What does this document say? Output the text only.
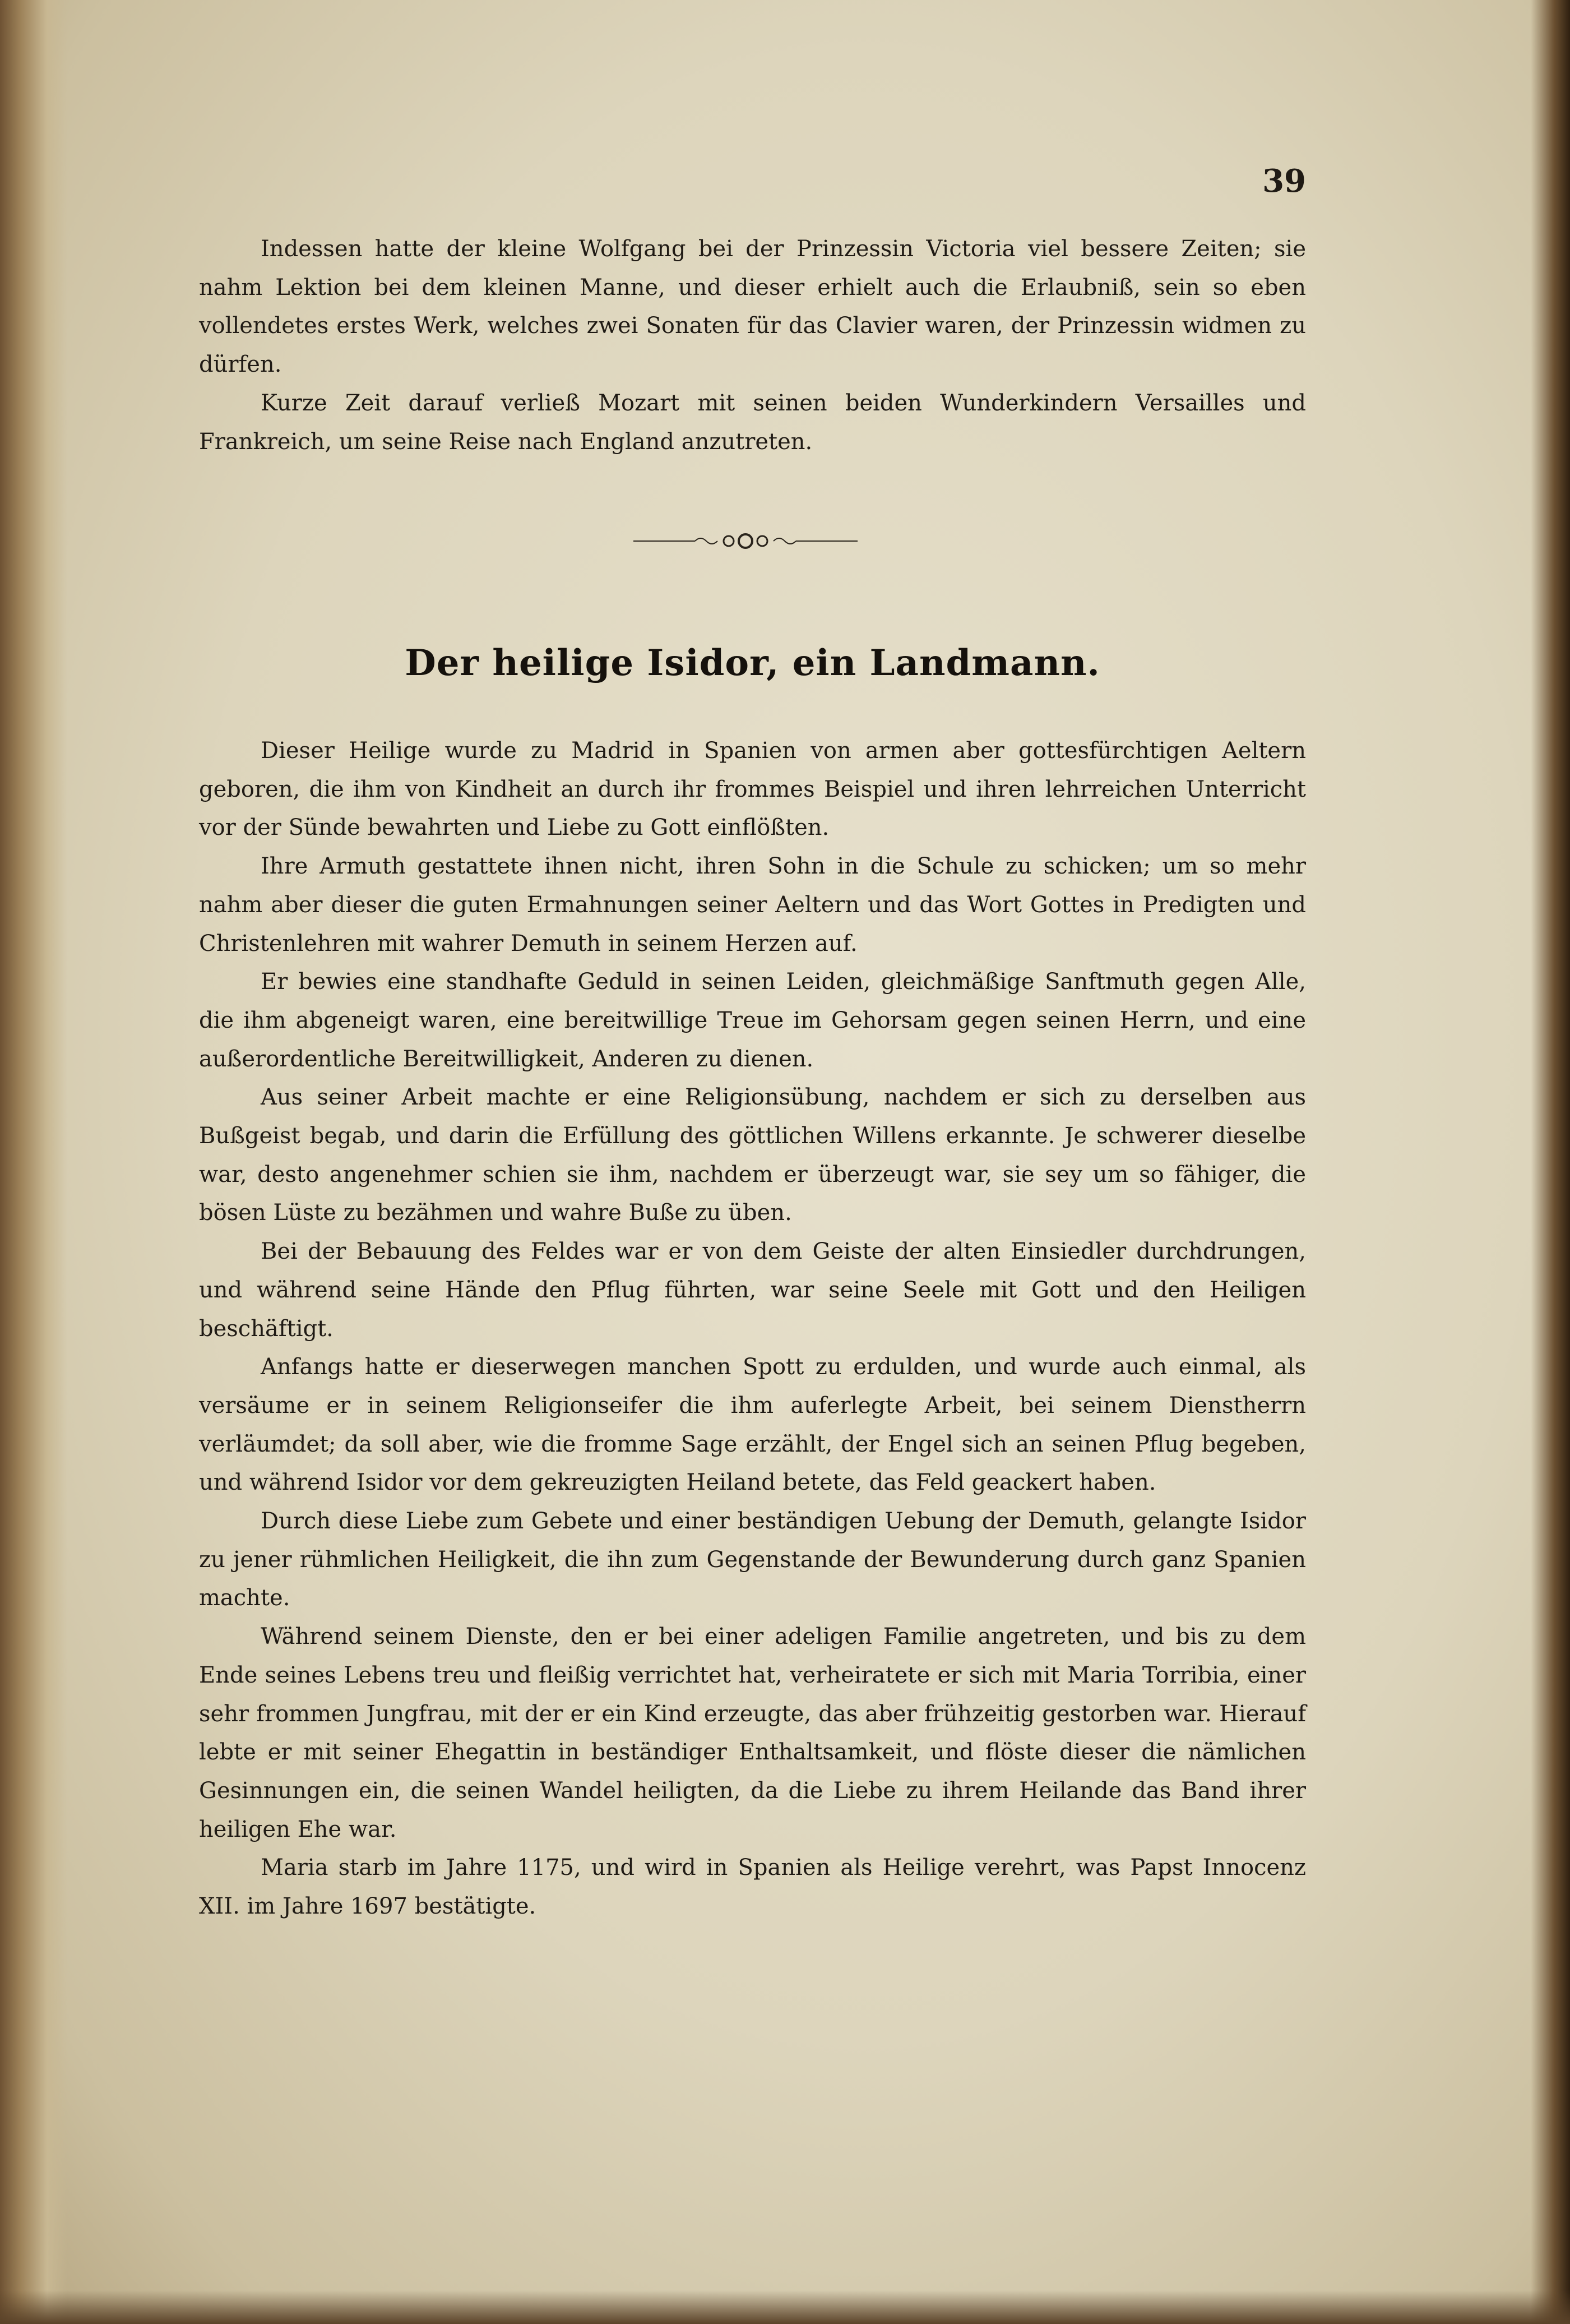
39

Indessen hatte der kleine Wolfgang bei der Prinzessin Victoria viel bessere Zeiten; sie nahm Lektion bei dem kleinen Manne, und dieser erhielt auch die Erlaubniß, sein so eben vollendetes erstes Werk, welches zwei Sonaten für das Clavier waren, der Prinzessin widmen zu dürfen.

Kurze Zeit darauf verließ Mozart mit seinen beiden Wunderkindern Versailles und Frankreich, um seine Reise nach England anzutreten.

Der heilige Isidor, ein Landmann.

Dieser Heilige wurde zu Madrid in Spanien von armen aber gottesfürchtigen Aeltern geboren, die ihm von Kindheit an durch ihr frommes Beispiel und ihren lehrreichen Unterricht vor der Sünde bewahrten und Liebe zu Gott einflößten.

Ihre Armuth gestattete ihnen nicht, ihren Sohn in die Schule zu schicken; um so mehr nahm aber dieser die guten Ermahnungen seiner Aeltern und das Wort Gottes in Predigten und Christenlehren mit wahrer Demuth in seinem Herzen auf.

Er bewies eine standhafte Geduld in seinen Leiden, gleichmäßige Sanftmuth gegen Alle, die ihm abgeneigt waren, eine bereitwillige Treue im Gehorsam gegen seinen Herrn, und eine außerordentliche Bereitwilligkeit, Anderen zu dienen.

Aus seiner Arbeit machte er eine Religionsübung, nachdem er sich zu derselben aus Bußgeist begab, und darin die Erfüllung des göttlichen Willens erkannte. Je schwerer dieselbe war, desto angenehmer schien sie ihm, nachdem er überzeugt war, sie sey um so fähiger, die bösen Lüste zu bezähmen und wahre Buße zu üben.

Bei der Bebauung des Feldes war er von dem Geiste der alten Einsiedler durchdrungen, und während seine Hände den Pflug führten, war seine Seele mit Gott und den Heiligen beschäftigt.

Anfangs hatte er dieserwegen manchen Spott zu erdulden, und wurde auch einmal, als versäume er in seinem Religionseifer die ihm auferlegte Arbeit, bei seinem Dienstherrn verläumdet; da soll aber, wie die fromme Sage erzählt, der Engel sich an seinen Pflug begeben, und während Isidor vor dem gekreuzigten Heiland betete, das Feld geackert haben.

Durch diese Liebe zum Gebete und einer beständigen Uebung der Demuth, gelangte Isidor zu jener rühmlichen Heiligkeit, die ihn zum Gegenstande der Bewunderung durch ganz Spanien machte.

Während seinem Dienste, den er bei einer adeligen Familie angetreten, und bis zu dem Ende seines Lebens treu und fleißig verrichtet hat, verheiratete er sich mit Maria Torribia, einer sehr frommen Jungfrau, mit der er ein Kind erzeugte, das aber frühzeitig gestorben war. Hierauf lebte er mit seiner Ehegattin in beständiger Enthaltsamkeit, und flöste dieser die nämlichen Gesinnungen ein, die seinen Wandel heiligten, da die Liebe zu ihrem Heilande das Band ihrer heiligen Ehe war.

Maria starb im Jahre 1175, und wird in Spanien als Heilige verehrt, was Papst Innocenz XII. im Jahre 1697 bestätigte.
